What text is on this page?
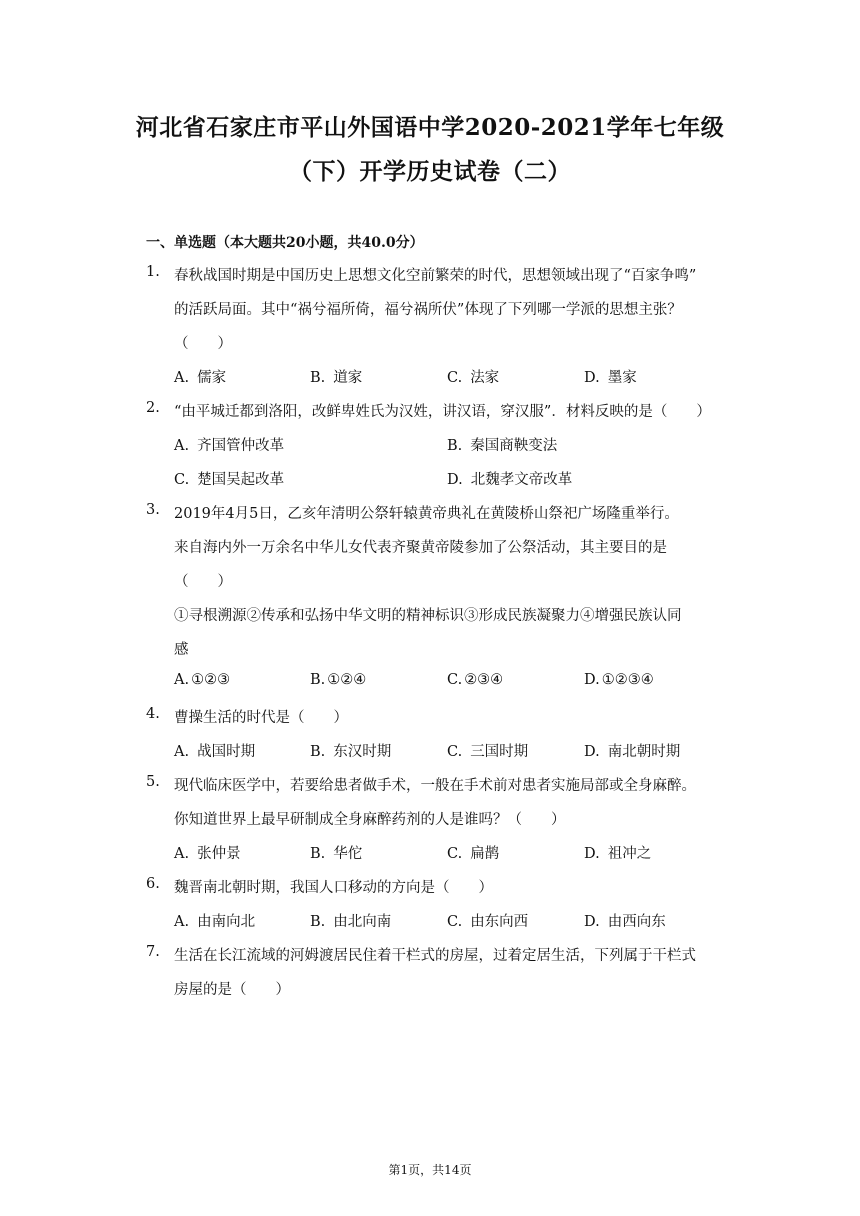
河北省石家庄市平山外国语中学2020-2021学年七年级
（下）开学历史试卷（二）
一、单选题（本大题共20小题，共40.0分）
1. 春秋战国时期是中国历史上思想文化空前繁荣的时代，思想领域出现了“百家争鸣”
的活跃局面。其中“祸兮福所倚，福兮祸所伏”体现了下列哪一学派的思想主张？
（　　）
A. 儒家	B. 道家	C. 法家	D. 墨家
2. “由平城迁都到洛阳，改鲜卑姓氏为汉姓，讲汉语，穿汉服”．材料反映的是（　　）
A. 齐国管仲改革	B. 秦国商鞅变法
C. 楚国吴起改革	D. 北魏孝文帝改革
3. 2019年4月5日，乙亥年清明公祭轩辕黄帝典礼在黄陵桥山祭祀广场隆重举行。
来自海内外一万余名中华儿女代表齐聚黄帝陵参加了公祭活动，其主要目的是
（　　）
①寻根溯源②传承和弘扬中华文明的精神标识③形成民族凝聚力④增强民族认同
感
A. ①②③	B. ①②④	C. ②③④	D. ①②③④
4. 曹操生活的时代是（　　）
A. 战国时期	B. 东汉时期	C. 三国时期	D. 南北朝时期
5. 现代临床医学中，若要给患者做手术，一般在手术前对患者实施局部或全身麻醉。
你知道世界上最早研制成全身麻醉药剂的人是谁吗？（　　）
A. 张仲景	B. 华佗	C. 扁鹊	D. 祖冲之
6. 魏晋南北朝时期，我国人口移动的方向是（　　）
A. 由南向北	B. 由北向南	C. 由东向西	D. 由西向东
7. 生活在长江流域的河姆渡居民住着干栏式的房屋，过着定居生活，下列属于干栏式
房屋的是（　　）
第1页，共14页
